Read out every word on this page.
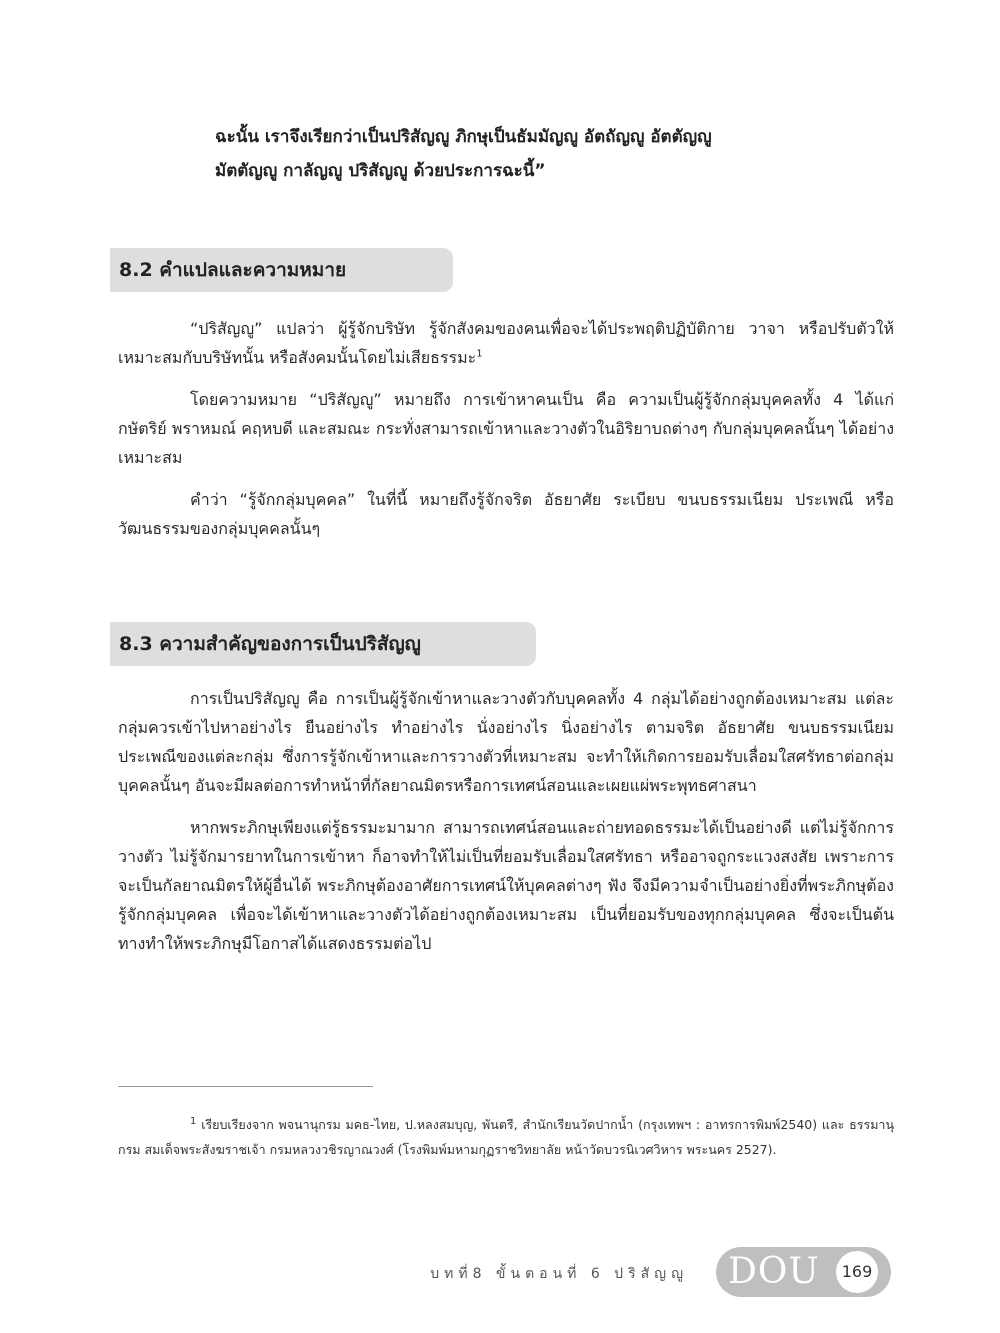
ฉะนั้น เราจึงเรียกว่าเป็นปริสัญญู ภิกษุเป็นธัมมัญญู อัตถัญญู อัตตัญญู

มัตตัญญู กาลัญญู ปริสัญญู ด้วยประการฉะนี้”

8.2 คำแปลและความหมาย

“ปริสัญญู” แปลว่า ผู้รู้จักบริษัท รู้จักสังคมของคนเพื่อจะได้ประพฤติปฏิบัติกาย วาจา หรือปรับตัวให้เหมาะสมกับบริษัทนั้น หรือสังคมนั้นโดยไม่เสียธรรมะ$^1$

โดยความหมาย “ปริสัญญู” หมายถึง การเข้าหาคนเป็น คือ ความเป็นผู้รู้จักกลุ่มบุคคลทั้ง 4 ได้แก่ กษัตริย์ พราหมณ์ คฤหบดี และสมณะ กระทั่งสามารถเข้าหาและวางตัวในอิริยาบถต่างๆ กับกลุ่มบุคคลนั้นๆ ได้อย่างเหมาะสม

คำว่า “รู้จักกลุ่มบุคคล” ในที่นี้ หมายถึงรู้จักจริต อัธยาศัย ระเบียบ ขนบธรรมเนียม ประเพณี หรือวัฒนธรรมของกลุ่มบุคคลนั้นๆ

8.3 ความสำคัญของการเป็นปริสัญญู

การเป็นปริสัญญู คือ การเป็นผู้รู้จักเข้าหาและวางตัวกับบุคคลทั้ง 4 กลุ่มได้อย่างถูกต้องเหมาะสม แต่ละกลุ่มควรเข้าไปหาอย่างไร ยืนอย่างไร ทำอย่างไร นั่งอย่างไร นิ่งอย่างไร ตามจริต อัธยาศัย ขนบธรรมเนียมประเพณีของแต่ละกลุ่ม ซึ่งการรู้จักเข้าหาและการวางตัวที่เหมาะสม จะทำให้เกิดการยอมรับเลื่อมใสศรัทธาต่อกลุ่มบุคคลนั้นๆ อันจะมีผลต่อการทำหน้าที่กัลยาณมิตรหรือการเทศน์สอนและเผยแผ่พระพุทธศาสนา

หากพระภิกษุเพียงแต่รู้ธรรมะมามาก สามารถเทศน์สอนและถ่ายทอดธรรมะได้เป็นอย่างดี แต่ไม่รู้จักการวางตัว ไม่รู้จักมารยาทในการเข้าหา ก็อาจทำให้ไม่เป็นที่ยอมรับเลื่อมใสศรัทธา หรืออาจถูกระแวงสงสัย เพราะการจะเป็นกัลยาณมิตรให้ผู้อื่นได้ พระภิกษุต้องอาศัยการเทศน์ให้บุคคลต่างๆ ฟัง จึงมีความจำเป็นอย่างยิ่งที่พระภิกษุต้องรู้จักกลุ่มบุคคล เพื่อจะได้เข้าหาและวางตัวได้อย่างถูกต้องเหมาะสม เป็นที่ยอมรับของทุกกลุ่มบุคคล ซึ่งจะเป็นต้นทางทำให้พระภิกษุมีโอกาสได้แสดงธรรมต่อไป

$^1$ เรียบเรียงจาก พจนานุกรม มคธ-ไทย, ป.หลงสมบุญ, พันตรี, สำนักเรียนวัดปากน้ำ (กรุงเทพฯ : อาทรการพิมพ์2540) และ ธรรมานุกรม สมเด็จพระสังฆราชเจ้า กรมหลวงวชิรญาณวงศ์ (โรงพิมพ์มหามกุฏราชวิทยาลัย หน้าวัดบวรนิเวศวิหาร พระนคร 2527).

บทที่8 ขั้นตอนที่ 6 ปริสัญญู DOU	169
